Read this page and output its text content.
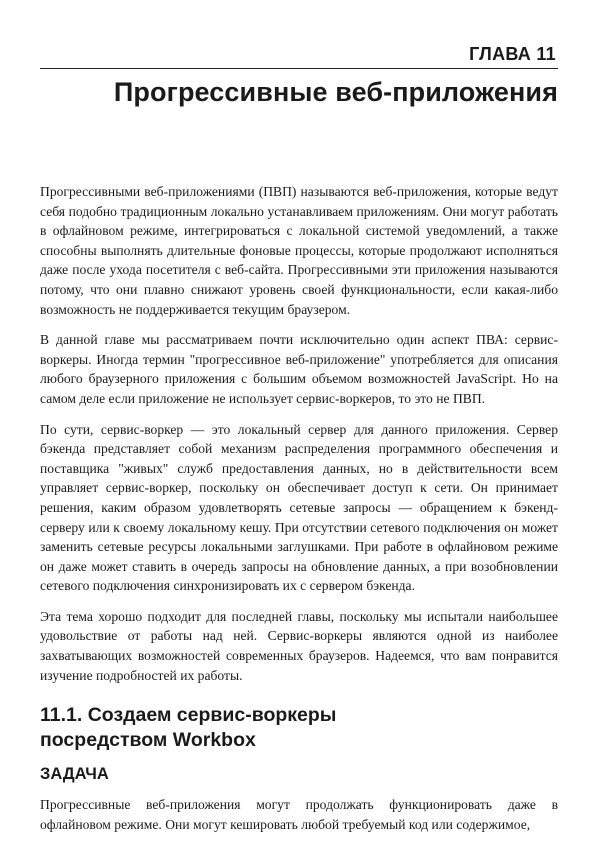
ГЛАВА 11
Прогрессивные веб-приложения

Прогрессивными веб-приложениями (ПВП) называются веб-приложения, которые ведут себя подобно традиционным локально устанавливаем приложениям. Они могут работать в офлайновом режиме, интегрироваться с локальной системой уведомлений, а также способны выполнять длительные фоновые процессы, которые продолжают исполняться даже после ухода посетителя с веб-сайта. Прогрессивными эти приложения называются потому, что они плавно снижают уровень своей функциональности, если какая-либо возможность не поддерживается текущим браузером.

В данной главе мы рассматриваем почти исключительно один аспект ПВА: сервис-воркеры. Иногда термин "прогрессивное веб-приложение" употребляется для описания любого браузерного приложения с большим объемом возможностей JavaScript. Но на самом деле если приложение не использует сервис-воркеров, то это не ПВП.

По сути, сервис-воркер — это локальный сервер для данного приложения. Сервер бэкенда представляет собой механизм распределения программного обеспечения и поставщика "живых" служб предоставления данных, но в действительности всем управляет сервис-воркер, поскольку он обеспечивает доступ к сети. Он принимает решения, каким образом удовлетворять сетевые запросы — обращением к бэкенд-серверу или к своему локальному кешу. При отсутствии сетевого подключения он может заменить сетевые ресурсы локальными заглушками. При работе в офлайновом режиме он даже может ставить в очередь запросы на обновление данных, а при возобновлении сетевого подключения синхронизировать их с сервером бэкенда.

Эта тема хорошо подходит для последней главы, поскольку мы испытали наибольшее удовольствие от работы над ней. Сервис-воркеры являются одной из наиболее захватывающих возможностей современных браузеров. Надеемся, что вам понравится изучение подробностей их работы.

11.1. Создаем сервис-воркеры
посредством Workbox
ЗАДАЧА

Прогрессивные веб-приложения могут продолжать функционировать даже в офлайновом режиме. Они могут кешировать любой требуемый код или содержимое,
